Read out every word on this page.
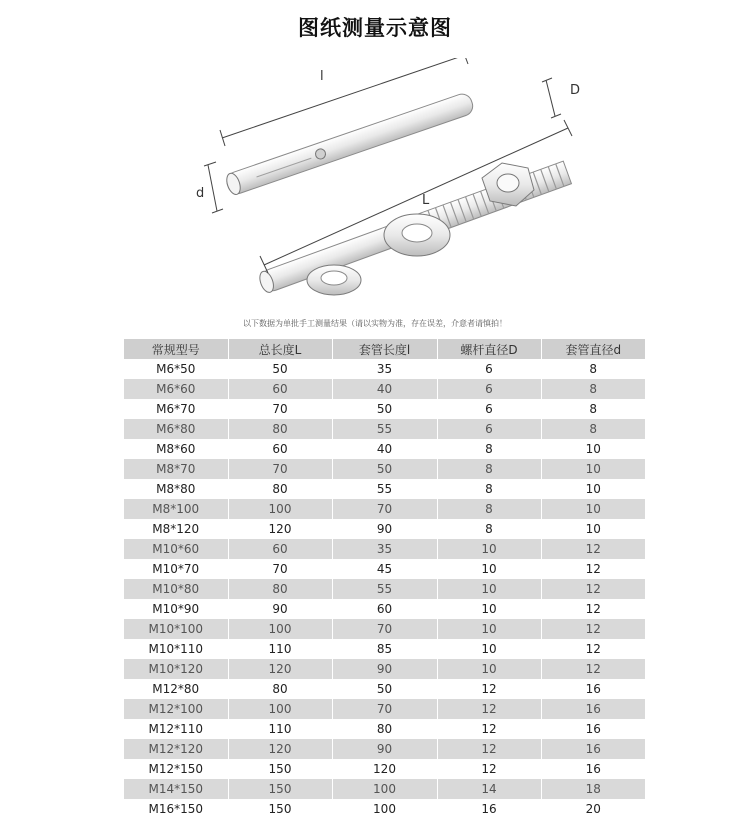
图纸测量示意图
l
d
D
L
以下数据为单批手工测量结果（请以实物为准，存在误差，介意者请慎拍！
常规型号	总长度L	套管长度l	螺杆直径D	套管直径d
M6*50	50	35	6	8
M6*60	60	40	6	8
M6*70	70	50	6	8
M6*80	80	55	6	8
M8*60	60	40	8	10
M8*70	70	50	8	10
M8*80	80	55	8	10
M8*100	100	70	8	10
M8*120	120	90	8	10
M10*60	60	35	10	12
M10*70	70	45	10	12
M10*80	80	55	10	12
M10*90	90	60	10	12
M10*100	100	70	10	12
M10*110	110	85	10	12
M10*120	120	90	10	12
M12*80	80	50	12	16
M12*100	100	70	12	16
M12*110	110	80	12	16
M12*120	120	90	12	16
M12*150	150	120	12	16
M14*150	150	100	14	18
M16*150	150	100	16	20
